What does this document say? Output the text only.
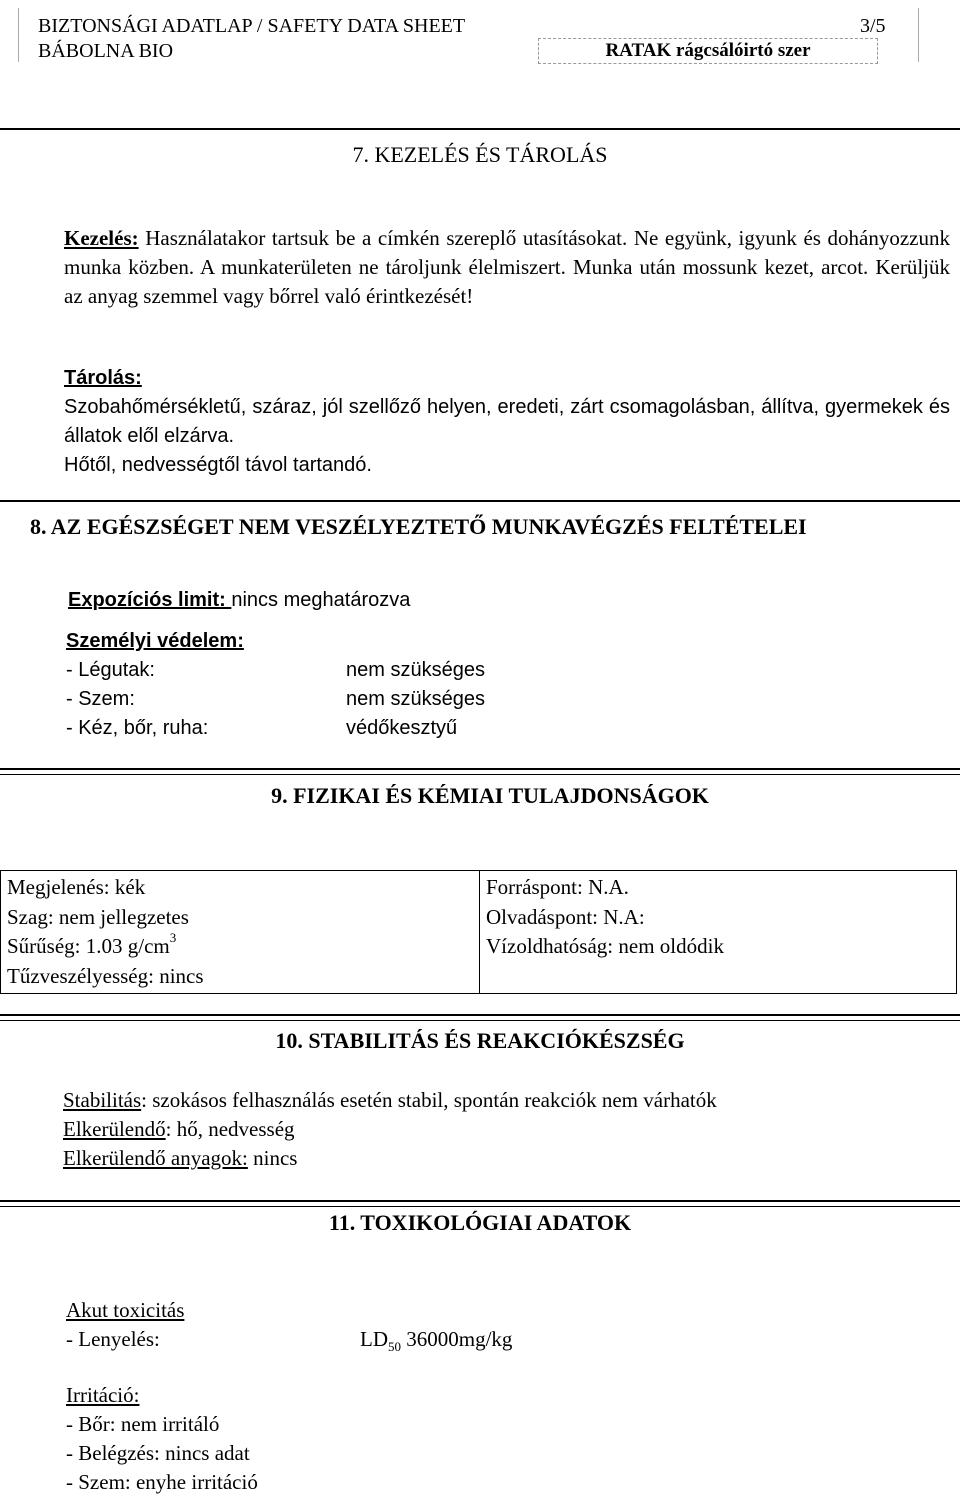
BIZTONSÁGI ADATLAP / SAFETY DATA SHEET	3/5
BÁBOLNA BIO	RATAK rágcsálóirtó szer
7. KEZELÉS ÉS TÁROLÁS
Kezelés: Használatakor tartsuk be a címkén szereplő utasításokat. Ne együnk, igyunk és dohányozzunk munka közben. A munkaterületen ne tároljunk élelmiszert. Munka után mossunk kezet, arcot. Kerüljük az anyag szemmel vagy bőrrel való érintkezését!
Tárolás:
Szobahőmérsékletű, száraz, jól szellőző helyen, eredeti, zárt csomagolásban, állítva, gyermekek és állatok elől elzárva.
Hőtől, nedvességtől távol tartandó.
8. AZ EGÉSZSÉGET NEM VESZÉLYEZTETŐ MUNKAVÉGZÉS FELTÉTELEI
Expozíciós limit: nincs meghatározva
Személyi védelem:
- Légutak:	nem szükséges
- Szem:	nem szükséges
- Kéz, bőr, ruha:	védőkesztyű
9. FIZIKAI ÉS KÉMIAI TULAJDONSÁGOK
Megjelenés: kék
Szag: nem jellegzetes
Sűrűség: 1.03 $g/cm^3$
Tűzveszélyesség: nincs

Forráspont: N.A.
Olvadáspont: N.A:
Vízoldhatóság: nem oldódik
10. STABILITÁS ÉS REAKCIÓKÉSZSÉG
Stabilitás: szokásos felhasználás esetén stabil, spontán reakciók nem várhatók
Elkerülendő: hő, nedvesség
Elkerülendő anyagok: nincs
11. TOXIKOLÓGIAI ADATOK
Akut toxicitás
- Lenyelés:	$LD_{50}$ 36000mg/kg
Irritáció:
- Bőr: nem irritáló
- Belégzés: nincs adat
- Szem: enyhe irritáció
